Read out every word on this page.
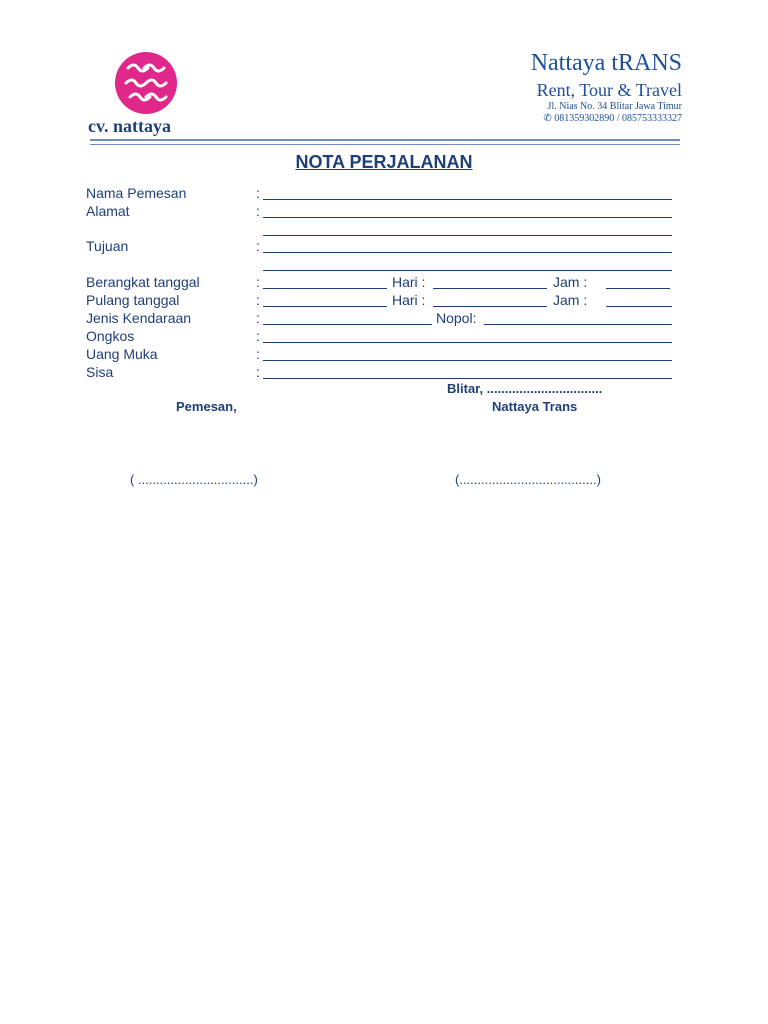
cv. nattaya
Nattaya tRANS
Rent, Tour & Travel
Jl. Nias No. 34 Blitar Jawa Timur
✆ 081359302890 / 085753333327
NOTA PERJALANAN
Nama Pemesan	:
Alamat	:
Tujuan	:
Berangkat tanggal	:	Hari :	Jam :
Pulang tanggal	:	Hari :	Jam :
Jenis Kendaraan	:	Nopol:
Ongkos	:
Uang Muka	:
Sisa	:
Blitar, ................................
Pemesan,	Nattaya Trans
( ................................)	(......................................)
